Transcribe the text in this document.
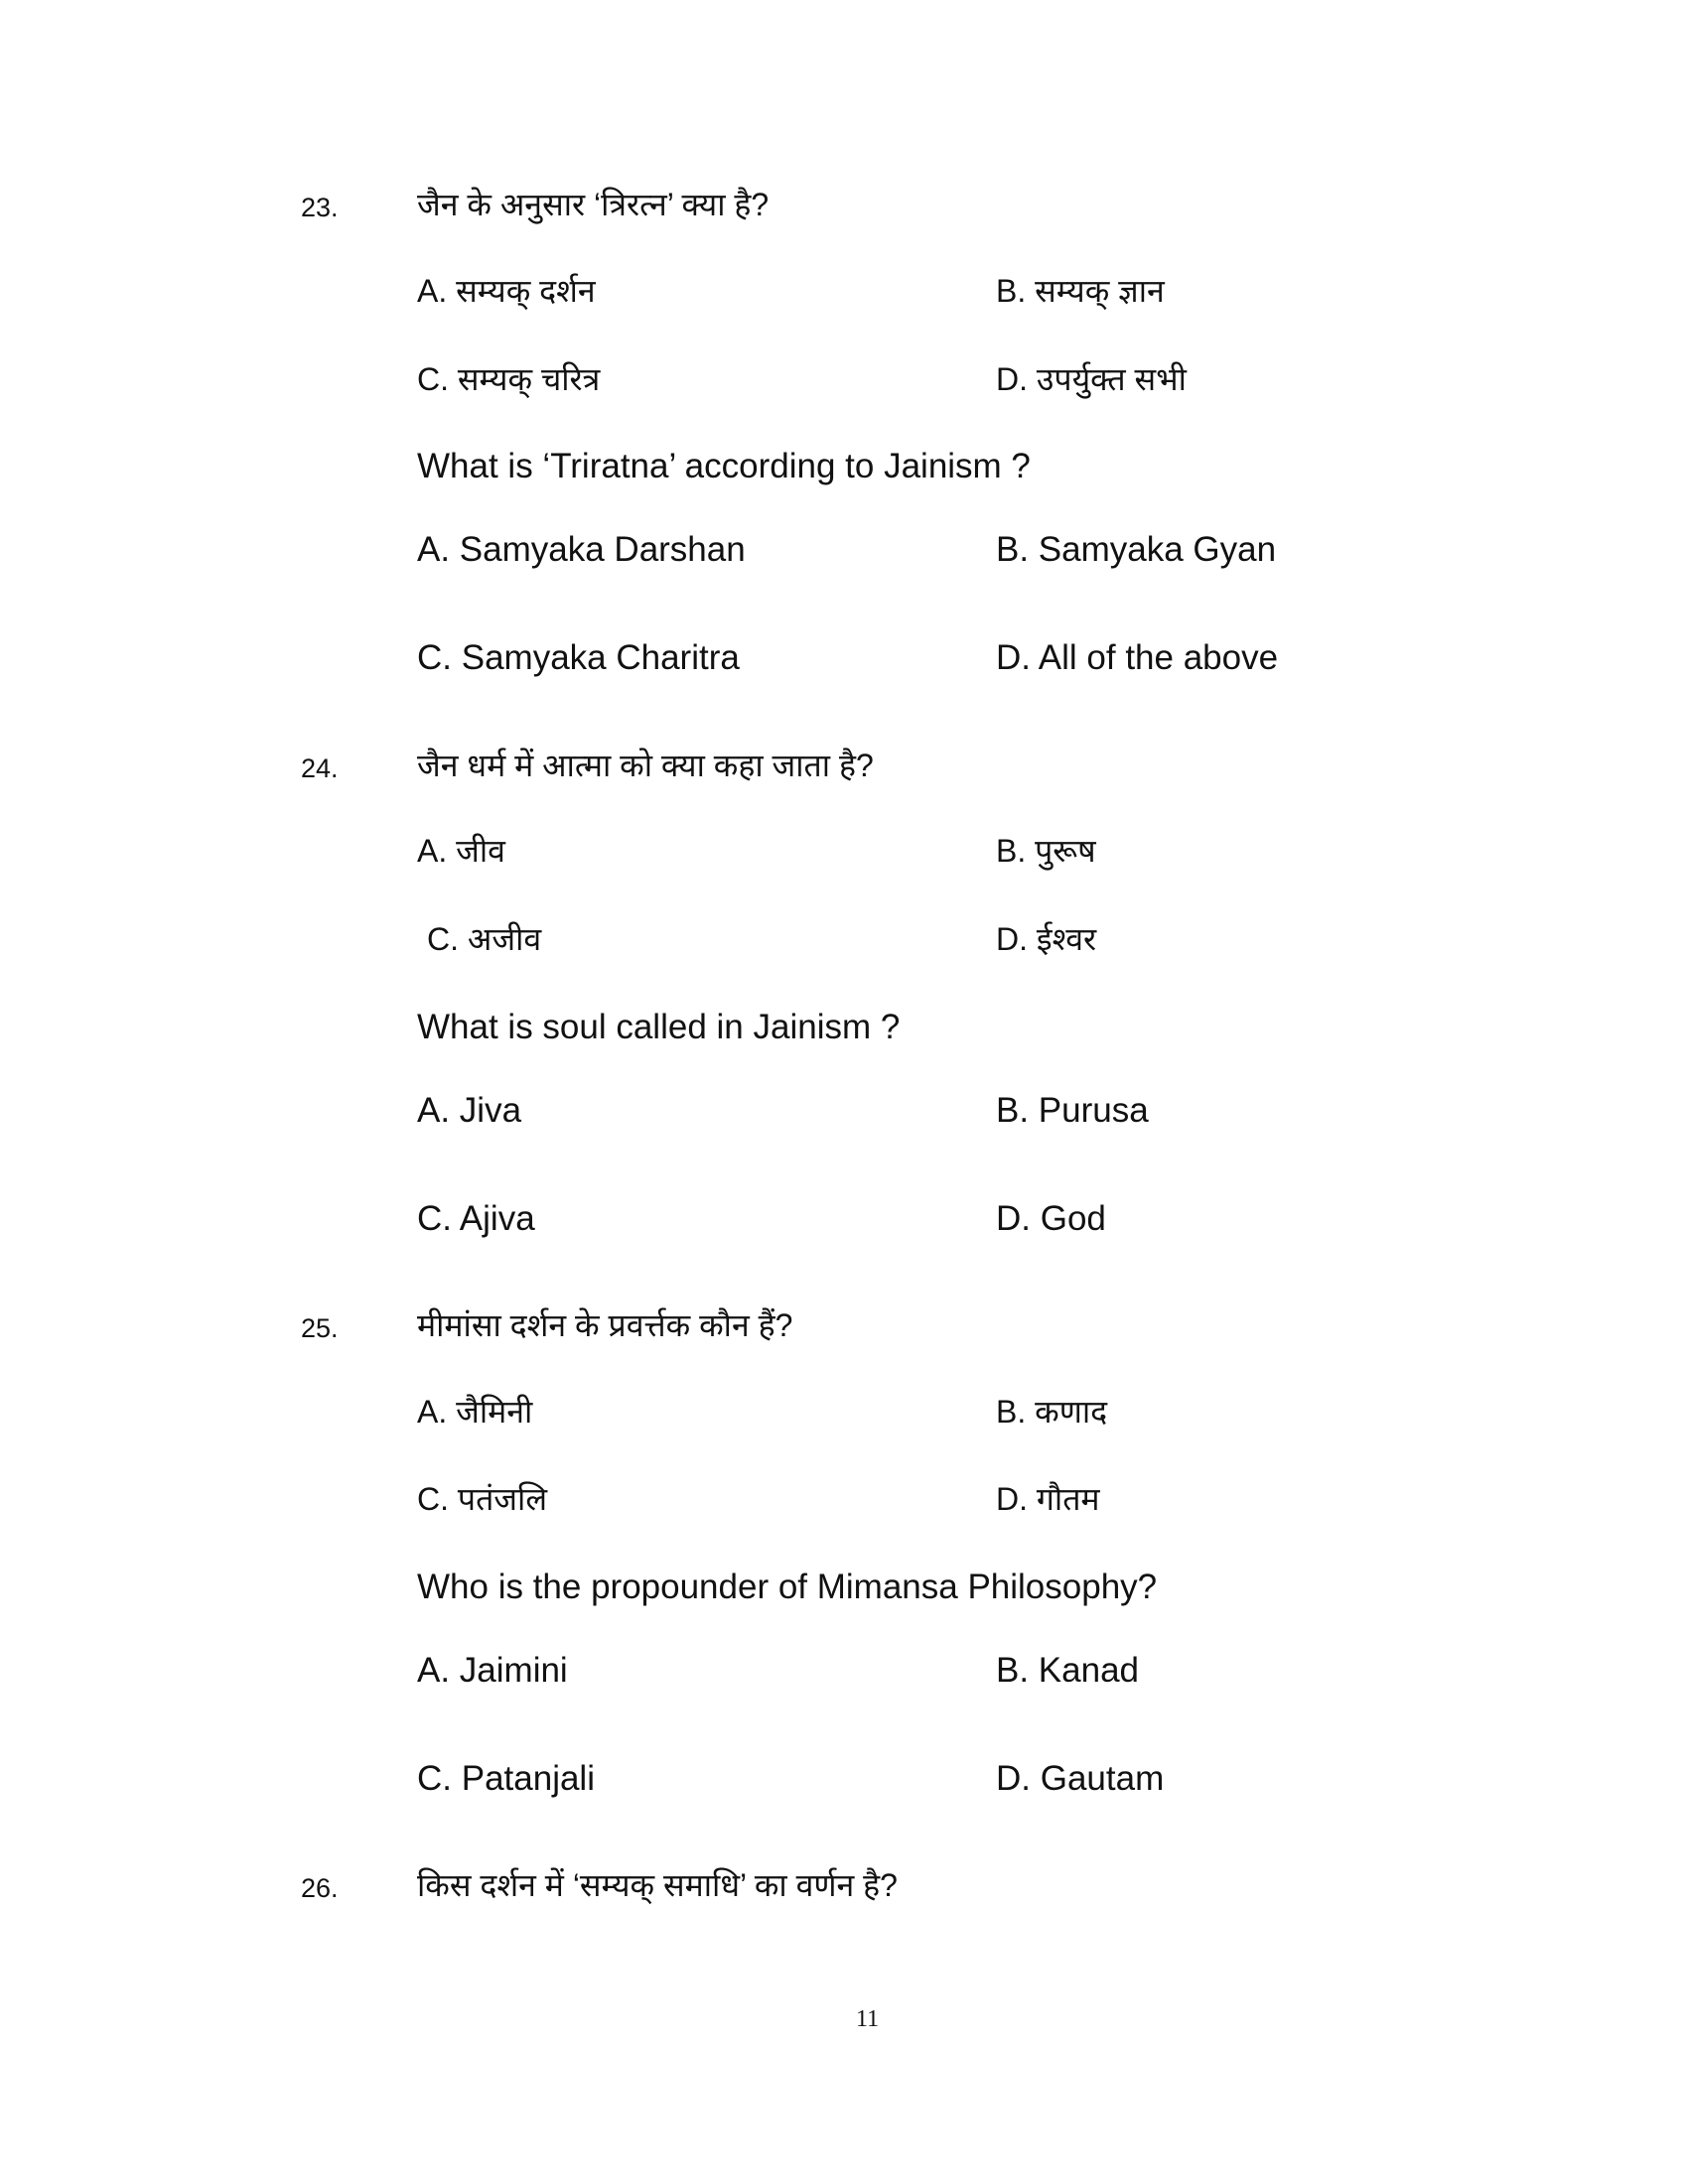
23. जैन के अनुसार ‘त्रिरत्न’ क्या है?
A. सम्यक् दर्शन	B. सम्यक् ज्ञान
C. सम्यक् चरित्र	D. उपर्युक्त सभी
What is ‘Triratna’ according to Jainism ?
A. Samyaka Darshan	B. Samyaka Gyan
C. Samyaka Charitra	D. All of the above
24. जैन धर्म में आत्मा को क्या कहा जाता है?
A. जीव	B. पुरूष
C. अजीव	D. ईश्वर
What is soul called in Jainism ?
A. Jiva	B. Purusa
C. Ajiva	D. God
25. मीमांसा दर्शन के प्रवर्त्तक कौन हैं?
A. जैमिनी	B. कणाद
C. पतंजलि	D. गौतम
Who is the propounder of Mimansa Philosophy?
A. Jaimini	B. Kanad
C. Patanjali	D. Gautam
26. किस दर्शन में ‘सम्यक् समाधि’ का वर्णन है?
11
